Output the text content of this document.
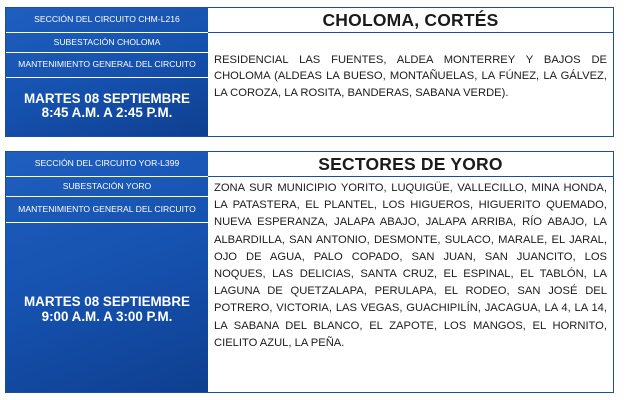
SECCIÓN DEL CIRCUITO CHM-L216
SUBESTACIÓN CHOLOMA
MANTENIMIENTO GENERAL DEL CIRCUITO
MARTES 08 SEPTIEMBRE
8:45 A.M. A 2:45 P.M.
CHOLOMA, CORTÉS
RESIDENCIAL LAS FUENTES, ALDEA MONTERREY Y BAJOS DE CHOLOMA (ALDEAS LA BUESO, MONTAÑUELAS, LA FÚNEZ, LA GÁLVEZ, LA COROZA, LA ROSITA, BANDERAS, SABANA VERDE).
SECCIÓN DEL CIRCUITO YOR-L399
SUBESTACIÓN YORO
MANTENIMIENTO GENERAL DEL CIRCUITO
MARTES 08 SEPTIEMBRE
9:00 A.M. A 3:00 P.M.
SECTORES DE YORO
ZONA SUR MUNICIPIO YORITO, LUQUIGÜE, VALLECILLO, MINA HONDA, LA PATASTERA, EL PLANTEL, LOS HIGUEROS, HIGUERITO QUEMADO, NUEVA ESPERANZA, JALAPA ABAJO, JALAPA ARRIBA, RÍO ABAJO, LA ALBARDILLA, SAN ANTONIO, DESMONTE, SULACO, MARALE, EL JARAL, OJO DE AGUA, PALO COPADO, SAN JUAN, SAN JUANCITO, LOS NOQUES, LAS DELICIAS, SANTA CRUZ, EL ESPINAL, EL TABLÓN, LA LAGUNA DE QUETZALAPA, PERULAPA, EL RODEO, SAN JOSÉ DEL POTRERO, VICTORIA, LAS VEGAS, GUACHIPILÍN, JACAGUA, LA 4, LA 14, LA SABANA DEL BLANCO, EL ZAPOTE, LOS MANGOS, EL HORNITO, CIELITO AZUL, LA PEÑA.
